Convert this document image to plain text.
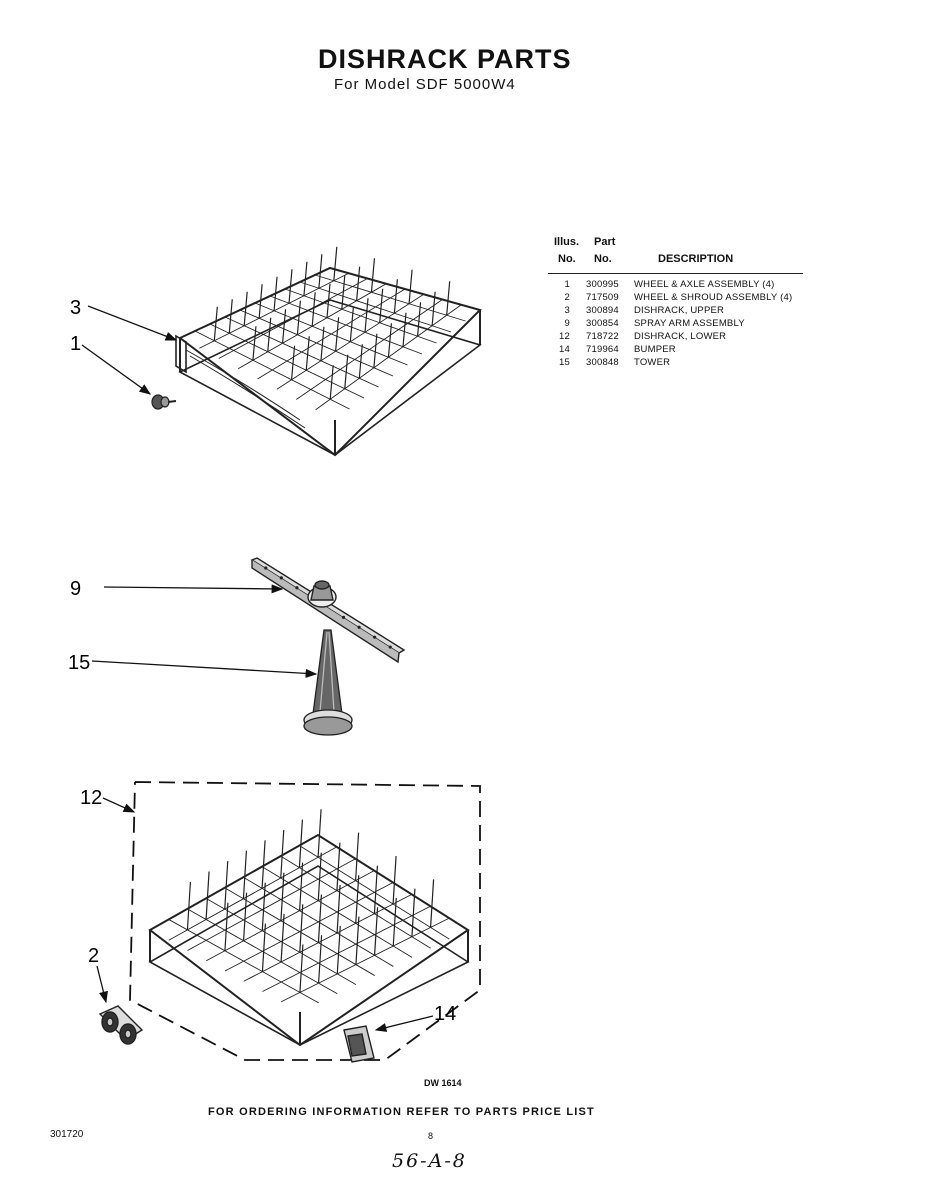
DISHRACK PARTS
For Model SDF 5000W4
Illus. Part
No. No.	DESCRIPTION
1 300995 WHEEL & AXLE ASSEMBLY (4)
2 717509 WHEEL & SHROUD ASSEMBLY (4)
3 300894 DISHRACK, UPPER
9 300854 SPRAY ARM ASSEMBLY
12 718722 DISHRACK, LOWER
14 719964 BUMPER
15 300848 TOWER
3
1
9
15
12
2
14
DW 1614
FOR ORDERING INFORMATION REFER TO PARTS PRICE LIST
301720	8
56-A-8
